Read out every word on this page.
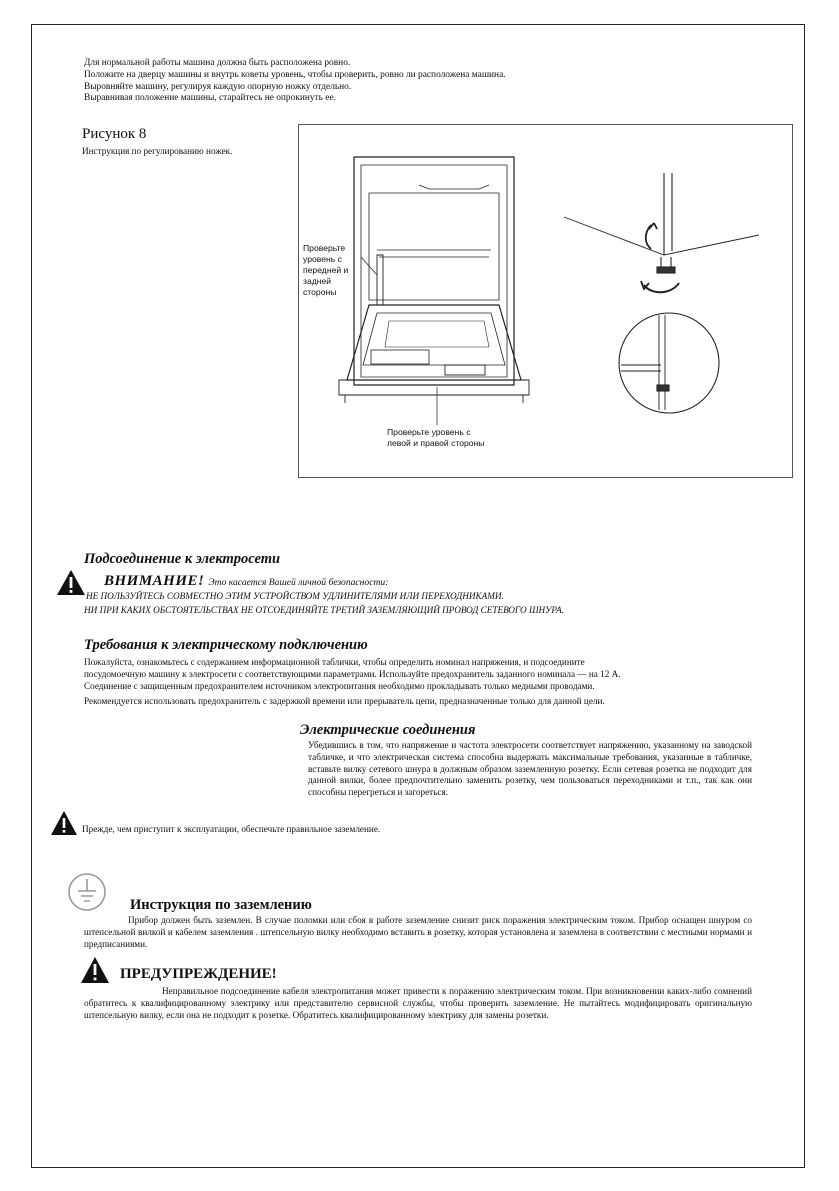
Для нормальной работы машина должна быть расположена ровно.
Положите на дверцу машины и внутрь коветы уровень, чтобы проверить, ровно ли расположена машина.
Выровняйте машину, регулируя каждую опорную ножку отдельно.
Выравнивая положение машины, старайтесь не опрокинуть ее.
Рисунок 8
Инструкция по регулированию ножек.
Проверьте
уровень с
передней и
задней
стороны
Проверьте уровень с
левой и правой стороны
Подсоединение к электросети
ВНИМАНИЕ! Это касается Вашей личной безопасности:
НЕ ПОЛЬЗУЙТЕСЬ СОВМЕСТНО ЭТИМ УСТРОЙСТВОМ УДЛИНИТЕЛЯМИ ИЛИ ПЕРЕХОДНИКАМИ.
НИ ПРИ КАКИХ ОБСТОЯТЕЛЬСТВАХ НЕ ОТСОЕДИНЯЙТЕ ТРЕТИЙ ЗАЗЕМЛЯЮЩИЙ ПРОВОД СЕТЕВОГО ШНУРА.
Требования к электрическому подключению
Пожалуйста, ознакомьтесь с содержанием информационной таблички, чтобы определить номинал напряжения, и подсоедините
посудомоечную машину к электросети с соответствующими параметрами. Используйте предохранитель заданного номинала — на 12 А.
Соединение с защищенным предохранителем источником электропитания необходимо прокладывать только медными проводами.
Рекомендуется использовать предохранитель с задержкой времени или прерыватель цепи, предназначенные только для данной цели.
Электрические соединения
Убедившись в том, что напряжение и частота электросети соответствует напряжению, указанному на заводской табличке, и что электрическая система способна выдержать максимальные требования, указанные в табличке, вставьте вилку сетевого шнура в должным образом заземленную розетку. Если сетевая розетка не подходит для данной вилки, более предпочтительно заменить розетку, чем пользоваться переходниками и т.п., так как они способны перегреться и загореться.
Прежде, чем приступит к эксплуатации, обеспечьте правильное заземление.
Инструкция по заземлению
Прибор должен быть заземлен. В случае поломки или сбоя в работе заземление снизит риск поражения электрическим током. Прибор оснащен шнуром со штепсельной вилкой и кабелем заземления . штепсельную вилку необходимо вставить в розетку, которая установлена и заземлена в соответствии с местными нормами и предписаниями.
ПРЕДУПРЕЖДЕНИЕ!
Неправильное подсоединение кабеля электропитания может привести к поражению электрическим током. При возникновении каких-либо сомнений обратитесь к квалифицированному электрику или представителю сервисной службы, чтобы проверить заземление. Не пытайтесь модифицировать оригинальную штепсельную вилку, если она не подходит к розетке. Обратитесь квалифицированному электрику для замены розетки.
